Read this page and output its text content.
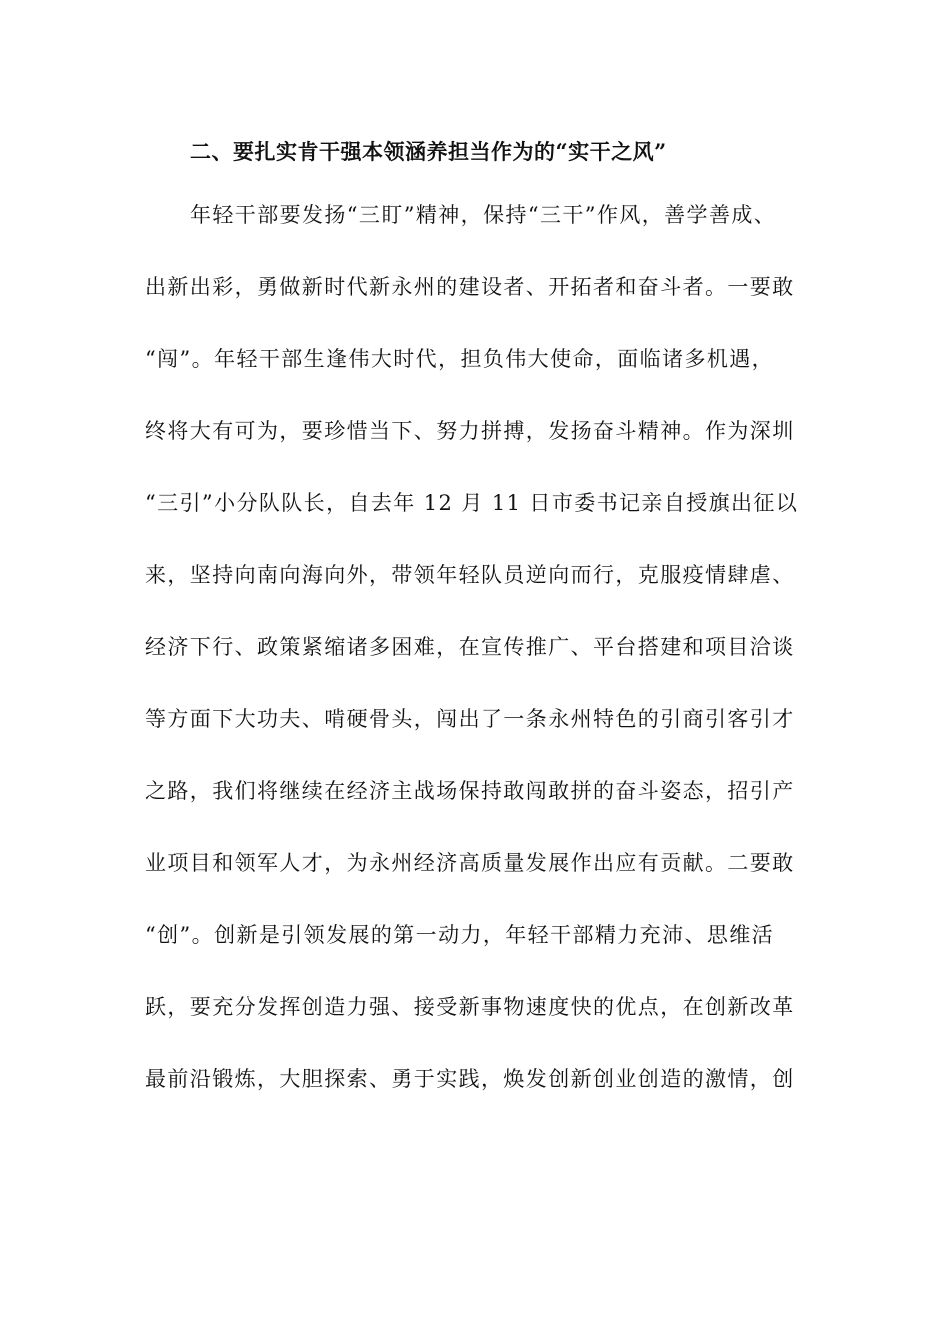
二、要扎实肯干强本领涵养担当作为的“实干之风”
年轻干部要发扬“三盯”精神，保持“三干”作风，善学善成、
出新出彩，勇做新时代新永州的建设者、开拓者和奋斗者。一要敢
“闯”。年轻干部生逢伟大时代，担负伟大使命，面临诸多机遇，
终将大有可为，要珍惜当下、努力拼搏，发扬奋斗精神。作为深圳
“三引”小分队队长，自去年 12 月 11 日市委书记亲自授旗出征以
来，坚持向南向海向外，带领年轻队员逆向而行，克服疫情肆虐、
经济下行、政策紧缩诸多困难，在宣传推广、平台搭建和项目洽谈
等方面下大功夫、啃硬骨头，闯出了一条永州特色的引商引客引才
之路，我们将继续在经济主战场保持敢闯敢拼的奋斗姿态，招引产
业项目和领军人才，为永州经济高质量发展作出应有贡献。二要敢
“创”。创新是引领发展的第一动力，年轻干部精力充沛、思维活
跃，要充分发挥创造力强、接受新事物速度快的优点，在创新改革
最前沿锻炼，大胆探索、勇于实践，焕发创新创业创造的激情，创
